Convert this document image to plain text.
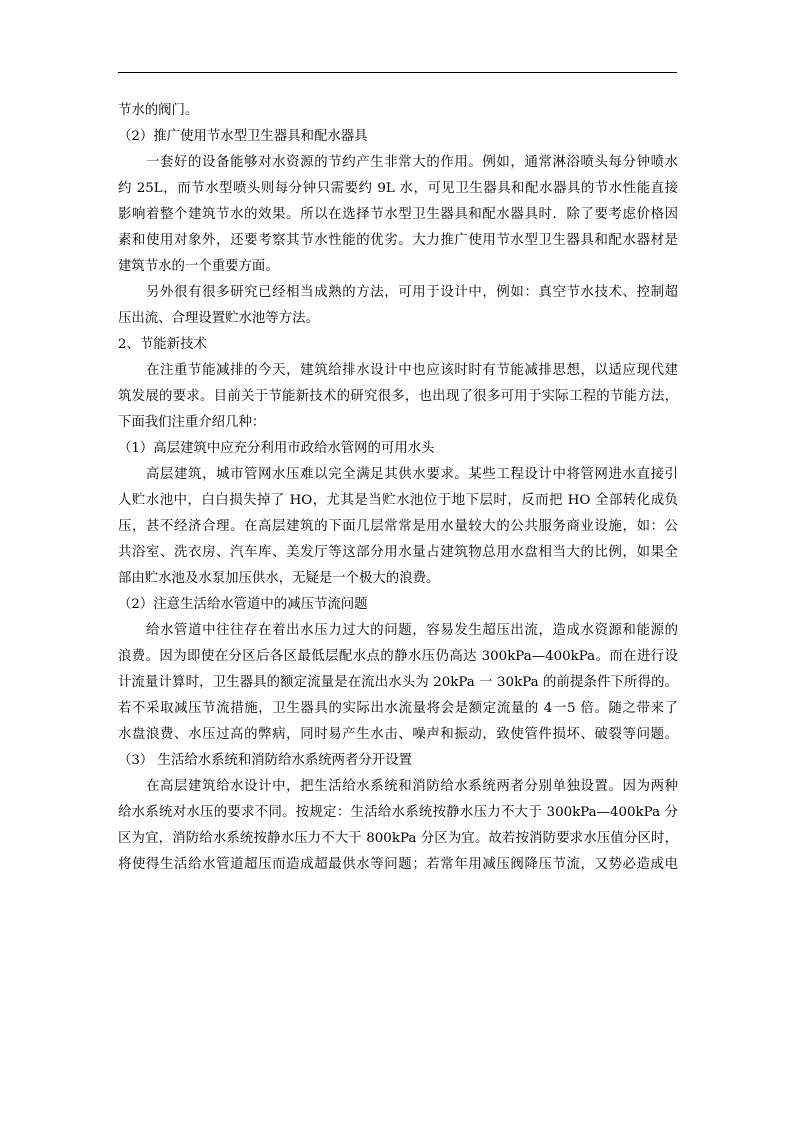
节水的阀门。
（2）推广使用节水型卫生器具和配水器具
一套好的设备能够对水资源的节约产生非常大的作用。例如，通常淋浴喷头每分钟喷水
约 25L，而节水型喷头则每分钟只需要约 9L 水，可见卫生器具和配水器具的节水性能直接
影响着整个建筑节水的效果。所以在选择节水型卫生器具和配水器具时．除了要考虑价格因
素和使用对象外，还要考察其节水性能的优劣。大力推广使用节水型卫生器具和配水器材是
建筑节水的一个重要方面。
另外很有很多研究已经相当成熟的方法，可用于设计中，例如：真空节水技术、控制超
压出流、合理设置贮水池等方法。
2、节能新技术
在注重节能减排的今天，建筑给排水设计中也应该时时有节能减排思想，以适应现代建
筑发展的要求。目前关于节能新技术的研究很多，也出现了很多可用于实际工程的节能方法，
下面我们注重介绍几种：
（1）高层建筑中应充分利用市政给水管网的可用水头
高层建筑，城市管网水压难以完全满足其供水要求。某些工程设计中将管网进水直接引
人贮水池中，白白损失掉了 HO，尤其是当贮水池位于地下层时，反而把 HO 全部转化成负
压，甚不经济合理。在高层建筑的下面几层常常是用水量较大的公共服务商业设施，如：公
共浴室、洗衣房、汽车库、美发厅等这部分用水量占建筑物总用水盘相当大的比例，如果全
部由贮水池及水泵加压供水，无疑是一个极大的浪费。
（2）注意生活给水管道中的减压节流问题
给水管道中往往存在着出水压力过大的问题，容易发生超压出流，造成水资源和能源的
浪费。因为即使在分区后各区最低层配水点的静水压仍高达 300kPa—400kPa。而在进行设
计流量计算时，卫生器具的额定流量是在流出水头为 20kPa 一 30kPa 的前提条件下所得的。
若不采取减压节流措施，卫生器具的实际出水流量将会是额定流量的 4一5 倍。随之带来了
水盘浪费、水压过高的弊病，同时易产生水击、噪声和振动，致使管件损坏、破裂等问题。
（3） 生活给水系统和消防给水系统两者分开设置
在高层建筑给水设计中，把生活给水系统和消防给水系统两者分别单独设置。因为两种
给水系统对水压的要求不同。按规定：生活给水系统按静水压力不大于 300kPa—400kPa 分
区为宜，消防给水系统按静水压力不大干 800kPa 分区为宜。故若按消防要求水压值分区时，
将使得生活给水管道超压而造成超最供水等问题；若常年用减压阀降压节流，又势必造成电
